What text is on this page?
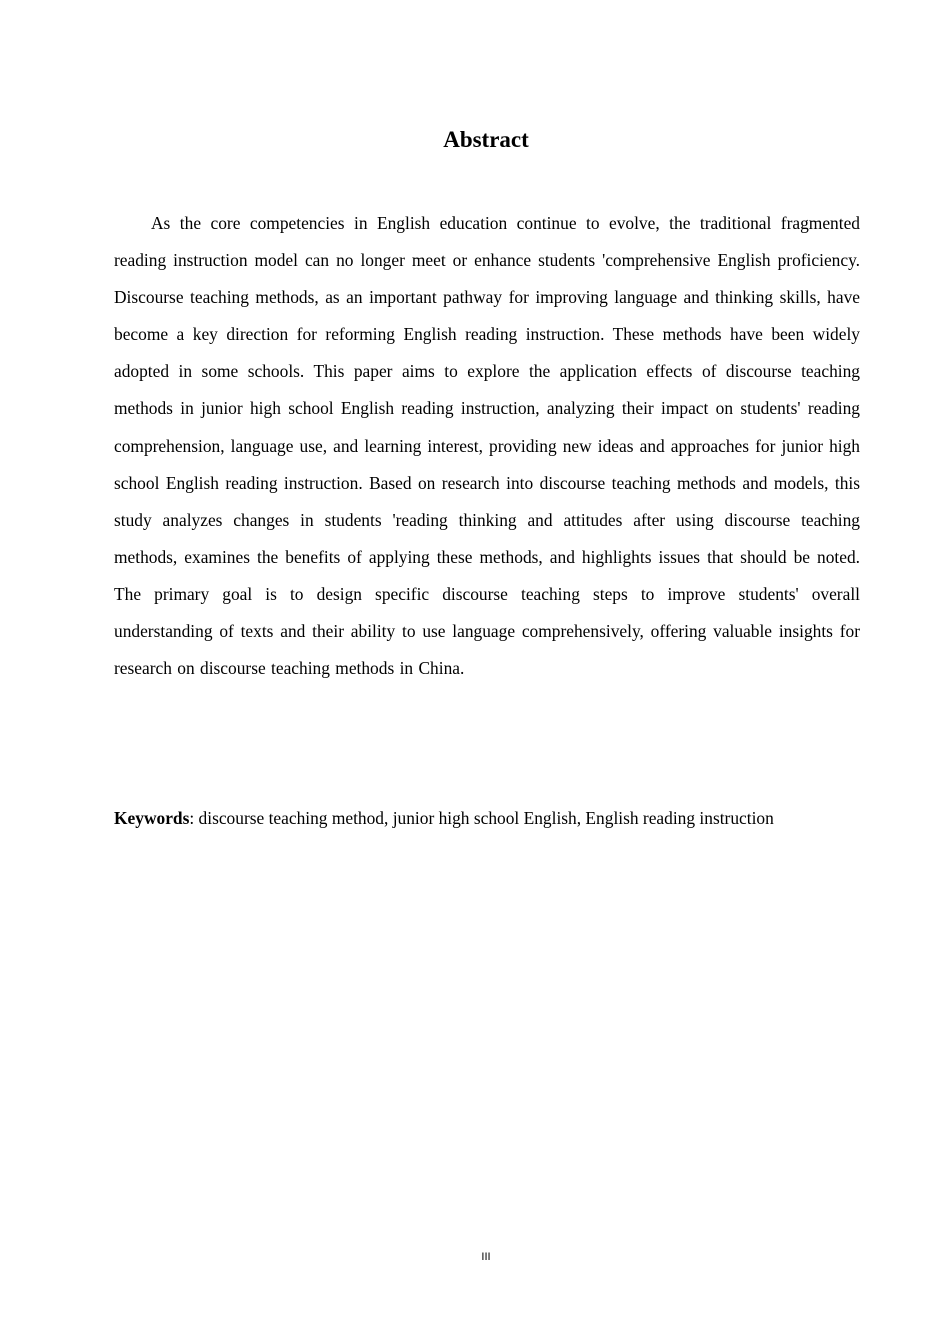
Abstract

As the core competencies in English education continue to evolve, the traditional fragmented reading instruction model can no longer meet or enhance students 'comprehensive English proficiency. Discourse teaching methods, as an important pathway for improving language and thinking skills, have become a key direction for reforming English reading instruction. These methods have been widely adopted in some schools. This paper aims to explore the application effects of discourse teaching methods in junior high school English reading instruction, analyzing their impact on students' reading comprehension, language use, and learning interest, providing new ideas and approaches for junior high school English reading instruction. Based on research into discourse teaching methods and models, this study analyzes changes in students 'reading thinking and attitudes after using discourse teaching methods, examines the benefits of applying these methods, and highlights issues that should be noted. The primary goal is to design specific discourse teaching steps to improve students' overall understanding of texts and their ability to use language comprehensively, offering valuable insights for research on discourse teaching methods in China.

Keywords: discourse teaching method, junior high school English, English reading instruction

III
